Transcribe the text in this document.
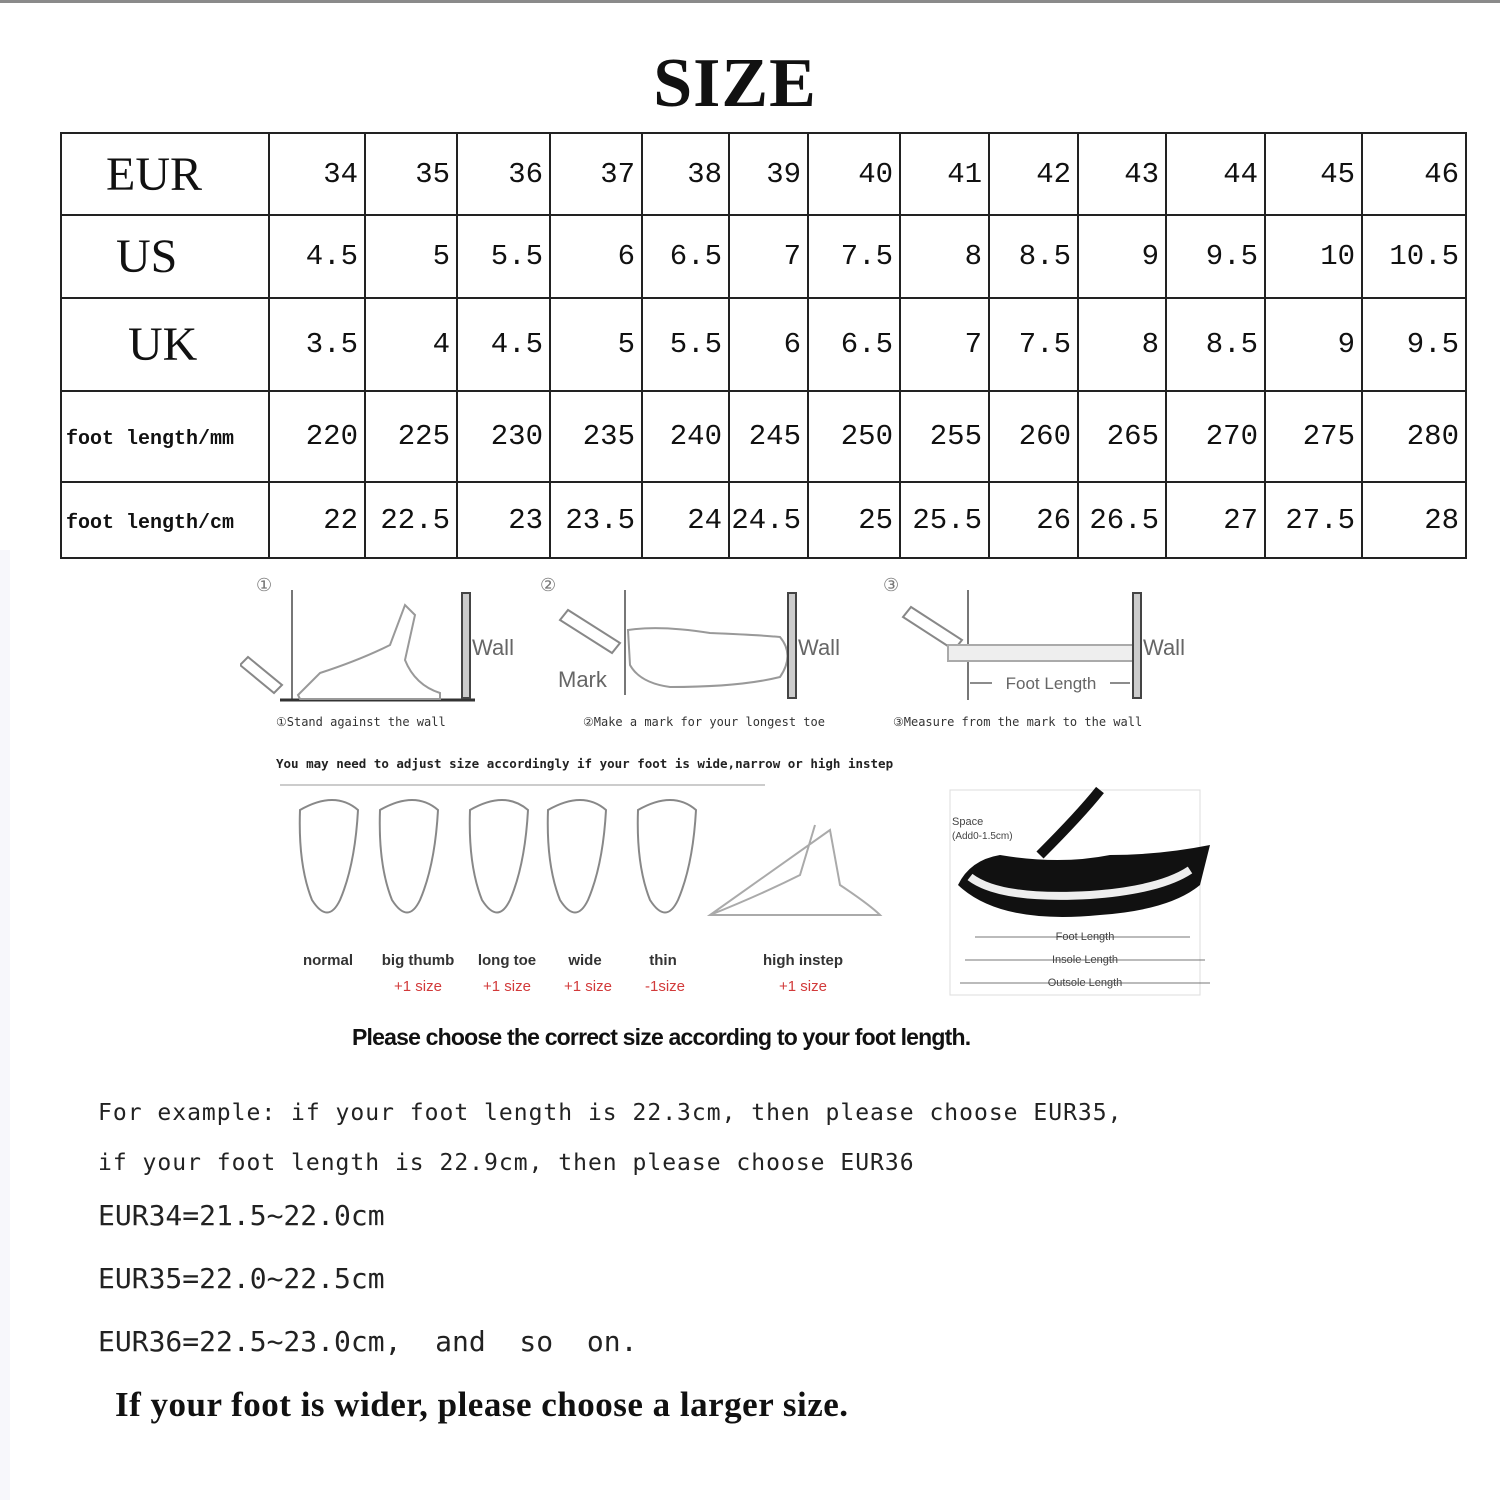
SIZE
EUR	34	35	36	37	38	39	40	41	42	43	44	45	46
US	4.5	5	5.5	6	6.5	7	7.5	8	8.5	9	9.5	10	10.5
UK	3.5	4	4.5	5	5.5	6	6.5	7	7.5	8	8.5	9	9.5
foot length/mm	220	225	230	235	240	245	250	255	260	265	270	275	280
foot length/cm	22	22.5	23	23.5	24	24.5	25	25.5	26	26.5	27	27.5	28
①
Wall
②
Wall
Mark
③
Wall
Foot Length
Space
(Add0-1.5cm)
Foot Length
Insole Length
Outsole Length
①Stand against the wall	②Make a mark for your longest toe	③Measure from the mark to the wall
You may need to adjust size accordingly if your foot is wide,narrow or high instep
normal	big thumb	long toe	wide	thin	high instep
+1 size	+1 size	+1 size	-1size	+1 size
Please choose the correct size according to your foot length.
For example: if your foot length is 22.3cm, then please choose EUR35,
if your foot length is 22.9cm, then please choose EUR36
EUR34=21.5~22.0cm
EUR35=22.0~22.5cm
EUR36=22.5~23.0cm,  and  so  on.
If your foot is wider, please choose a larger size.
